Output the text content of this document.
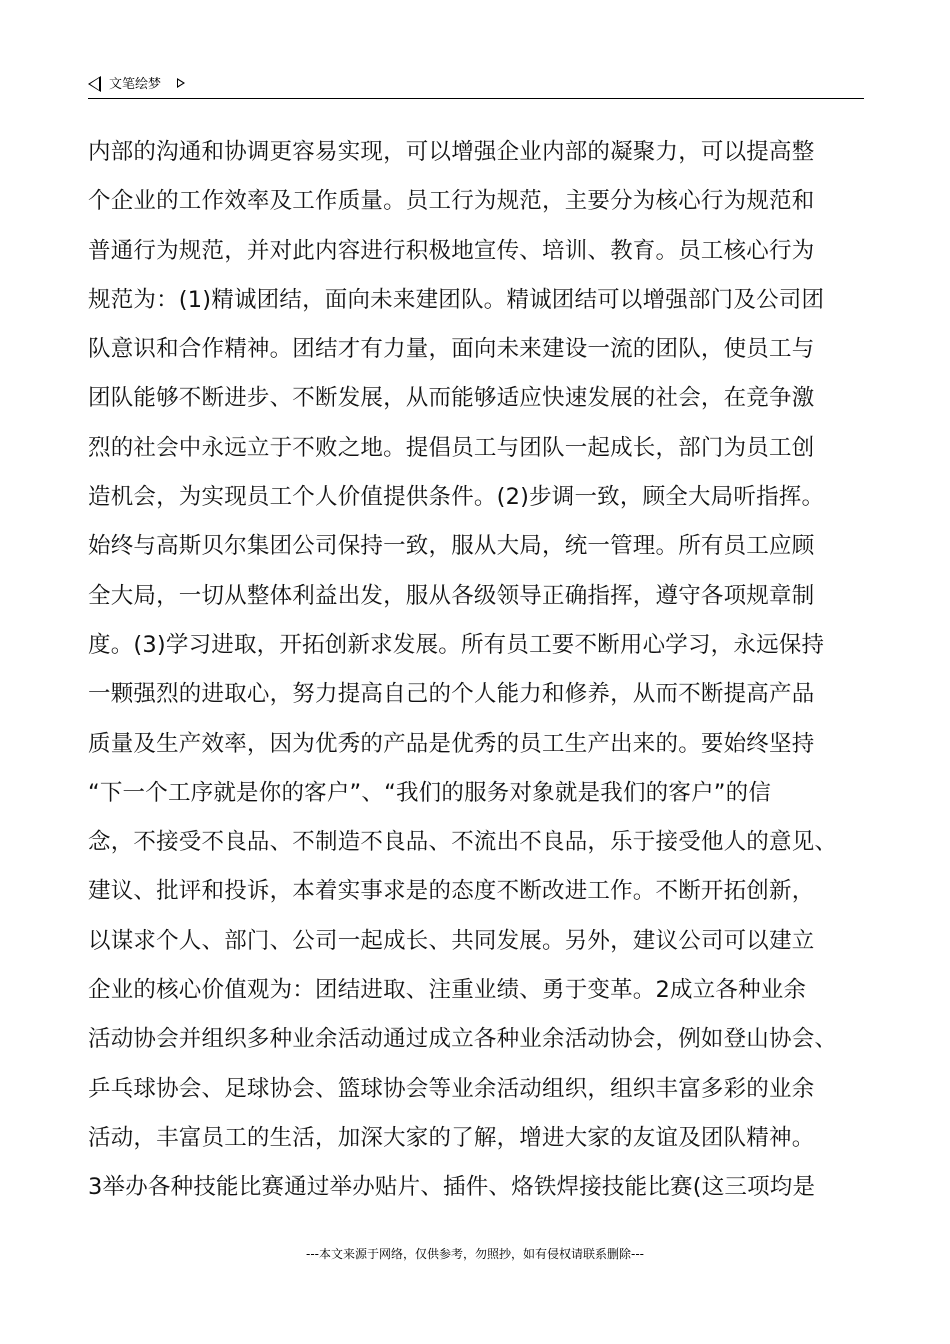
文笔绘梦
内部的沟通和协调更容易实现，可以增强企业内部的凝聚力，可以提高整
个企业的工作效率及工作质量。员工行为规范，主要分为核心行为规范和
普通行为规范，并对此内容进行积极地宣传、培训、教育。员工核心行为
规范为：(1)精诚团结，面向未来建团队。精诚团结可以增强部门及公司团
队意识和合作精神。团结才有力量，面向未来建设一流的团队，使员工与
团队能够不断进步、不断发展，从而能够适应快速发展的社会，在竞争激
烈的社会中永远立于不败之地。提倡员工与团队一起成长，部门为员工创
造机会，为实现员工个人价值提供条件。(2)步调一致，顾全大局听指挥。
始终与高斯贝尔集团公司保持一致，服从大局，统一管理。所有员工应顾
全大局，一切从整体利益出发，服从各级领导正确指挥，遵守各项规章制
度。(3)学习进取，开拓创新求发展。所有员工要不断用心学习，永远保持
一颗强烈的进取心，努力提高自己的个人能力和修养，从而不断提高产品
质量及生产效率，因为优秀的产品是优秀的员工生产出来的。要始终坚持
“下一个工序就是你的客户”、“我们的服务对象就是我们的客户”的信
念，不接受不良品、不制造不良品、不流出不良品，乐于接受他人的意见、
建议、批评和投诉，本着实事求是的态度不断改进工作。不断开拓创新，
以谋求个人、部门、公司一起成长、共同发展。另外，建议公司可以建立
企业的核心价值观为：团结进取、注重业绩、勇于变革。2成立各种业余
活动协会并组织多种业余活动通过成立各种业余活动协会，例如登山协会、
乒乓球协会、足球协会、篮球协会等业余活动组织，组织丰富多彩的业余
活动，丰富员工的生活，加深大家的了解，增进大家的友谊及团队精神。
3举办各种技能比赛通过举办贴片、插件、烙铁焊接技能比赛(这三项均是
---本文来源于网络，仅供参考，勿照抄，如有侵权请联系删除---
